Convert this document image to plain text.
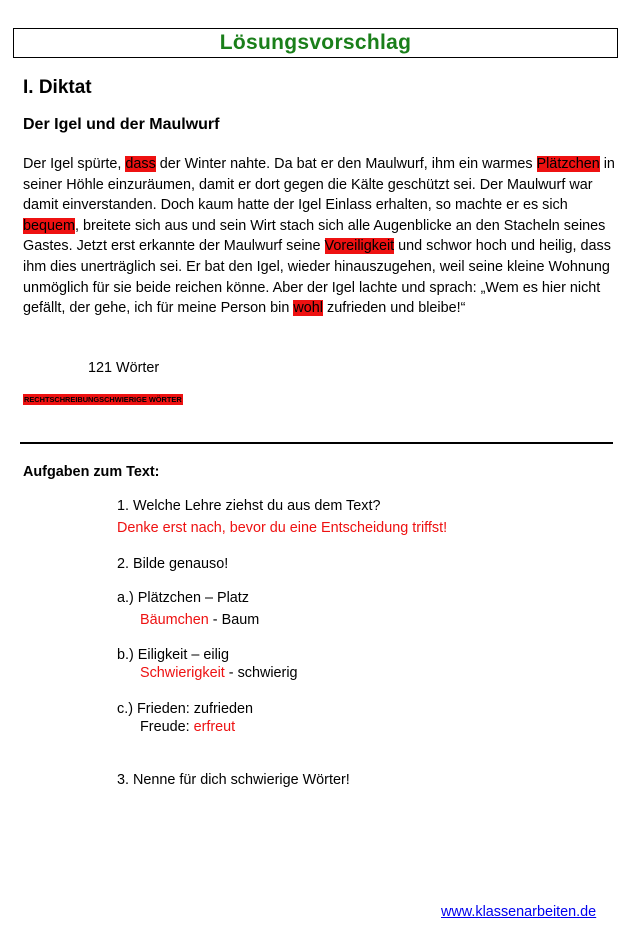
Lösungsvorschlag
I. Diktat
Der Igel und der Maulwurf
Der Igel spürte, dass der Winter nahte. Da bat er den Maulwurf, ihm ein warmes Plätzchen in seiner Höhle einzuräumen, damit er dort gegen die Kälte geschützt sei. Der Maulwurf war damit einverstanden. Doch kaum hatte der Igel Einlass erhalten, so machte er es sich bequem, breitete sich aus und sein Wirt stach sich alle Augenblicke an den Stacheln seines Gastes. Jetzt erst erkannte der Maulwurf seine Voreiligkeit und schwor hoch und heilig, dass ihm dies unerträglich sei. Er bat den Igel, wieder hinauszugehen, weil seine kleine Wohnung unmöglich für sie beide reichen könne. Aber der Igel lachte und sprach: „Wem es hier nicht gefällt, der gehe, ich für meine Person bin wohl zufrieden und bleibe!“
121 Wörter
RECHTSCHREIBUNGSCHWIERIGE WÖRTER
Aufgaben zum Text:
1. Welche Lehre ziehst du aus dem Text?
Denke erst nach, bevor du eine Entscheidung triffst!
2. Bilde genauso!
a.) Plätzchen – Platz
Bäumchen - Baum
b.) Eiligkeit – eilig
Schwierigkeit - schwierig
c.) Frieden: zufrieden
Freude: erfreut
3. Nenne für dich schwierige Wörter!
www.klassenarbeiten.de
